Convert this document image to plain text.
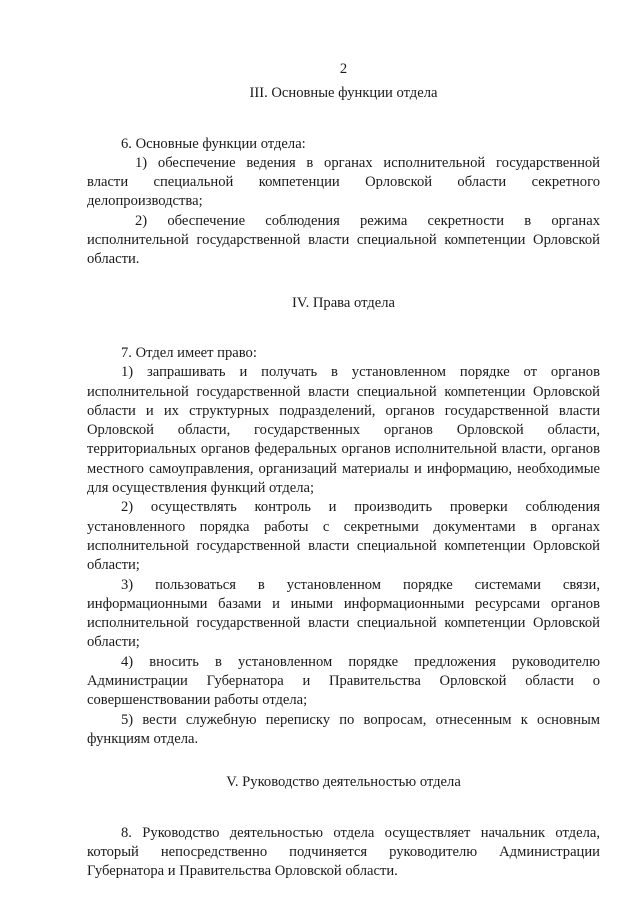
2
III. Основные функции отдела

6. Основные функции отдела:

1) обеспечение ведения в органах исполнительной государственной власти специальной компетенции Орловской области секретного делопроизводства;

2) обеспечение соблюдения режима секретности в органах исполнительной государственной власти специальной компетенции Орловской области.

IV. Права отдела

7. Отдел имеет право:

1) запрашивать и получать в установленном порядке от органов исполнительной государственной власти специальной компетенции Орловской области и их структурных подразделений, органов государственной власти Орловской области, государственных органов Орловской области, территориальных органов федеральных органов исполнительной власти, органов местного самоуправления, организаций материалы и информацию, необходимые для осуществления функций отдела;

2) осуществлять контроль и производить проверки соблюдения установленного порядка работы с секретными документами в органах исполнительной государственной власти специальной компетенции Орловской области;

3) пользоваться в установленном порядке системами связи, информационными базами и иными информационными ресурсами органов исполнительной государственной власти специальной компетенции Орловской области;

4) вносить в установленном порядке предложения руководителю Администрации Губернатора и Правительства Орловской области о совершенствовании работы отдела;

5) вести служебную переписку по вопросам, отнесенным к основным функциям отдела.

V. Руководство деятельностью отдела

8. Руководство деятельностью отдела осуществляет начальник отдела, который непосредственно подчиняется руководителю Администрации Губернатора и Правительства Орловской области.
